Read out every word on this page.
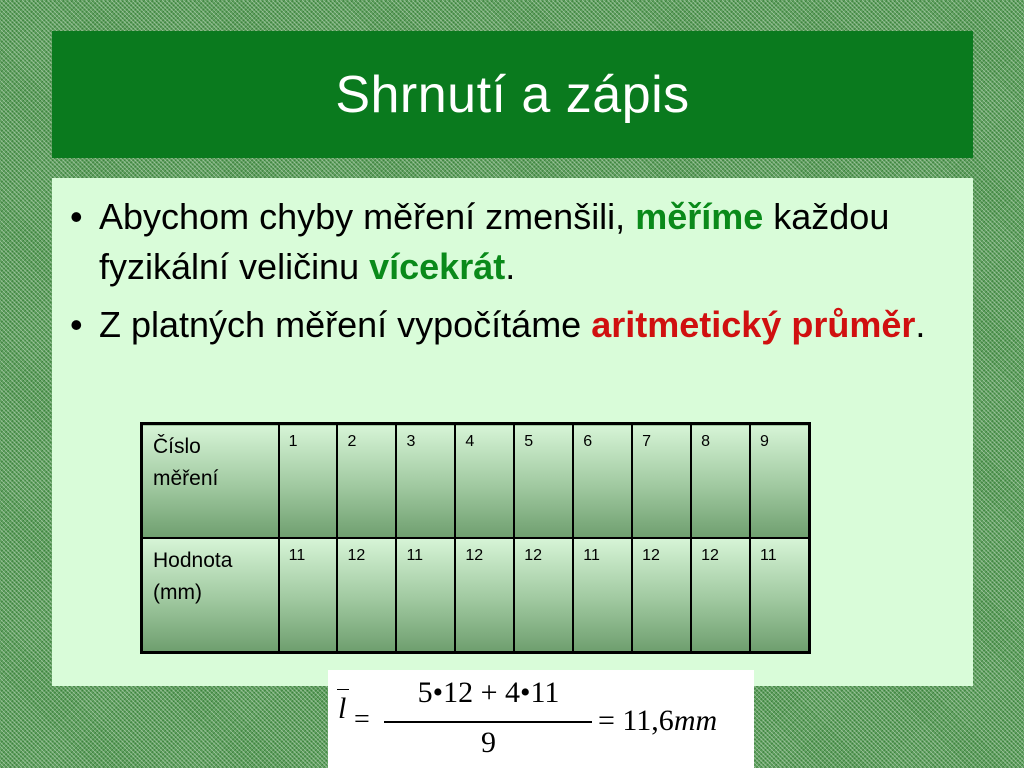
Shrnutí a zápis
• Abychom chyby měření zmenšili, měříme každou fyzikální veličinu vícekrát.
• Z platných měření vypočítáme aritmetický průměr.
Číslo
měření	1	2	3	4	5	6	7	8	9

Hodnota
(mm)	11	12	11	12	12	11	12	12	11
l =
5•12 + 4•11
9
= 11,6mm
